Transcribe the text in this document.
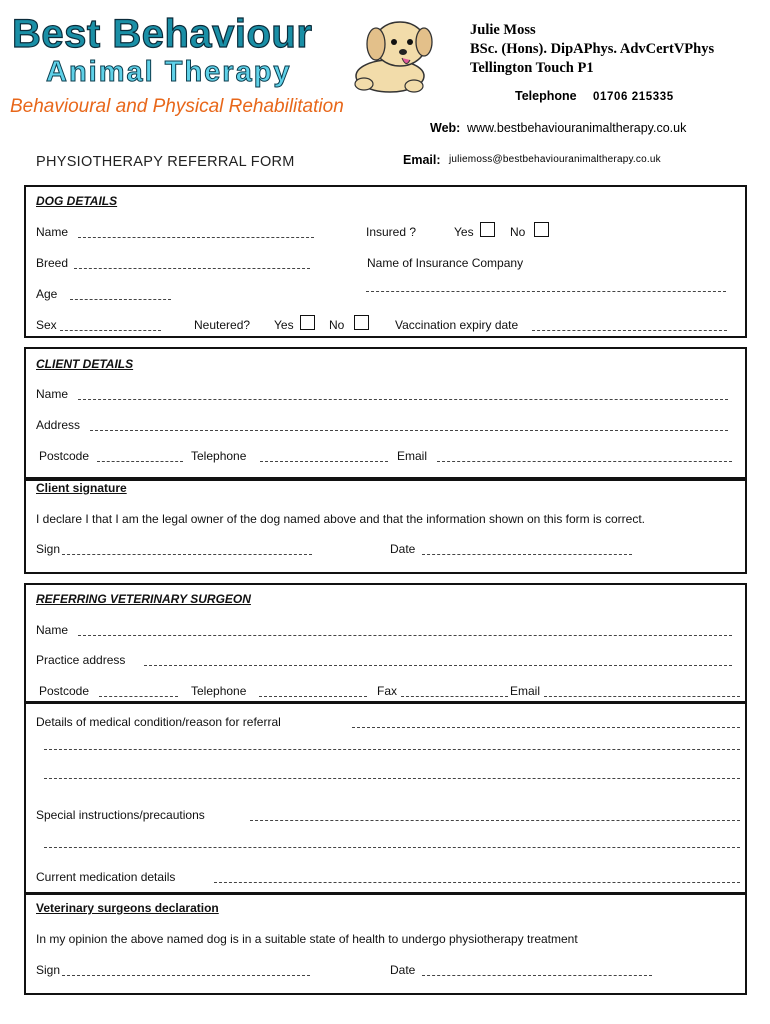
Best Behaviour
Animal Therapy
Behavioural and Physical Rehabilitation
Julie Moss
BSc. (Hons). DipAPhys. AdvCertVPhys
Tellington Touch P1
Telephone 01706 215335
Web: www.bestbehaviouranimaltherapy.co.uk
Email: juliemoss@bestbehaviouranimaltherapy.co.uk
PHYSIOTHERAPY REFERRAL FORM
DOG DETAILS
Name	Insured ?	Yes	No
Breed	Name of Insurance Company
Age
Sex	Neutered? Yes	No	Vaccination expiry date
CLIENT DETAILS
Name
Address
Postcode	Telephone	Email
Client signature
I declare I that I am the legal owner of the dog named above and that the information shown on this form is correct.
Sign	Date
REFERRING VETERINARY SURGEON
Name
Practice address
Postcode	Telephone	Fax	Email
Details of medical condition/reason for referral
Special instructions/precautions
Current medication details
Veterinary surgeons declaration
In my opinion the above named dog is in a suitable state of health to undergo physiotherapy treatment
Sign	Date
